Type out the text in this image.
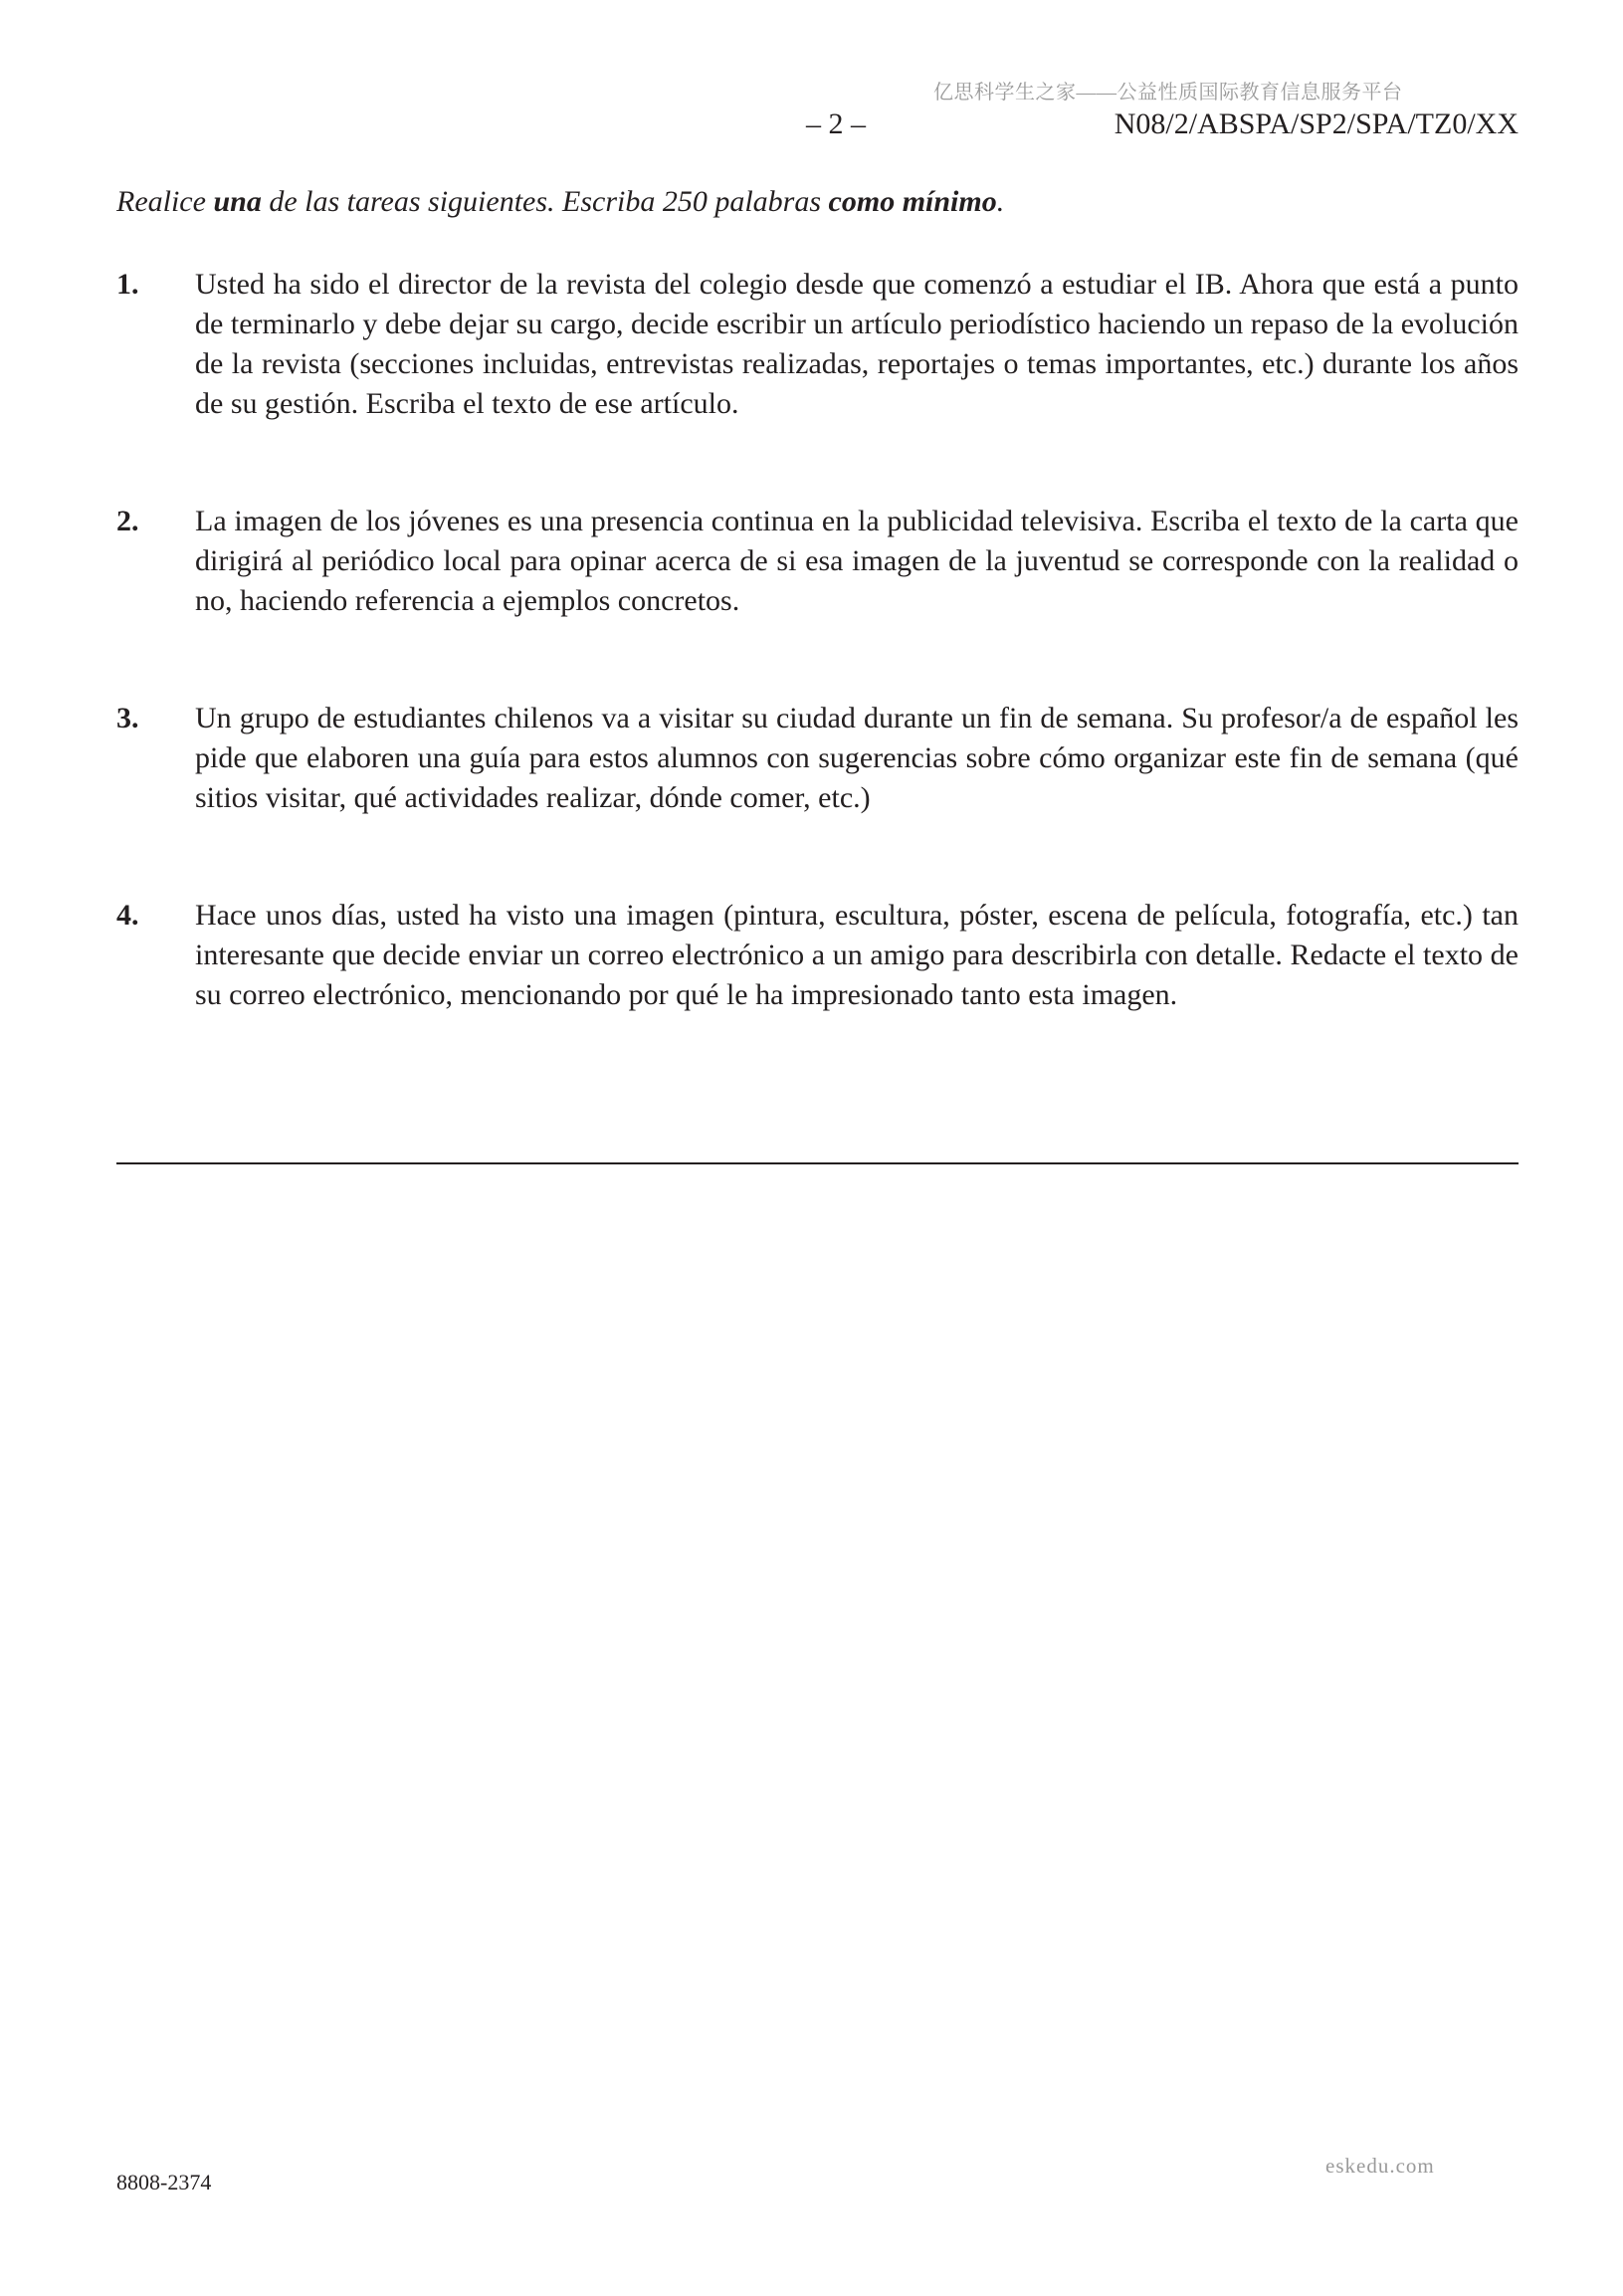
亿思科学生之家——公益性质国际教育信息服务平台
– 2 –	N08/2/ABSPA/SP2/SPA/TZ0/XX
Realice una de las tareas siguientes. Escriba 250 palabras como mínimo.
1. Usted ha sido el director de la revista del colegio desde que comenzó a estudiar el IB. Ahora que está a punto de terminarlo y debe dejar su cargo, decide escribir un artículo periodístico haciendo un repaso de la evolución de la revista (secciones incluidas, entrevistas realizadas, reportajes o temas importantes, etc.) durante los años de su gestión. Escriba el texto de ese artículo.
2. La imagen de los jóvenes es una presencia continua en la publicidad televisiva. Escriba el texto de la carta que dirigirá al periódico local para opinar acerca de si esa imagen de la juventud se corresponde con la realidad o no, haciendo referencia a ejemplos concretos.
3. Un grupo de estudiantes chilenos va a visitar su ciudad durante un fin de semana. Su profesor/a de español les pide que elaboren una guía para estos alumnos con sugerencias sobre cómo organizar este fin de semana (qué sitios visitar, qué actividades realizar, dónde comer, etc.)
4. Hace unos días, usted ha visto una imagen (pintura, escultura, póster, escena de película, fotografía, etc.) tan interesante que decide enviar un correo electrónico a un amigo para describirla con detalle. Redacte el texto de su correo electrónico, mencionando por qué le ha impresionado tanto esta imagen.
eskedu.com
8808-2374
